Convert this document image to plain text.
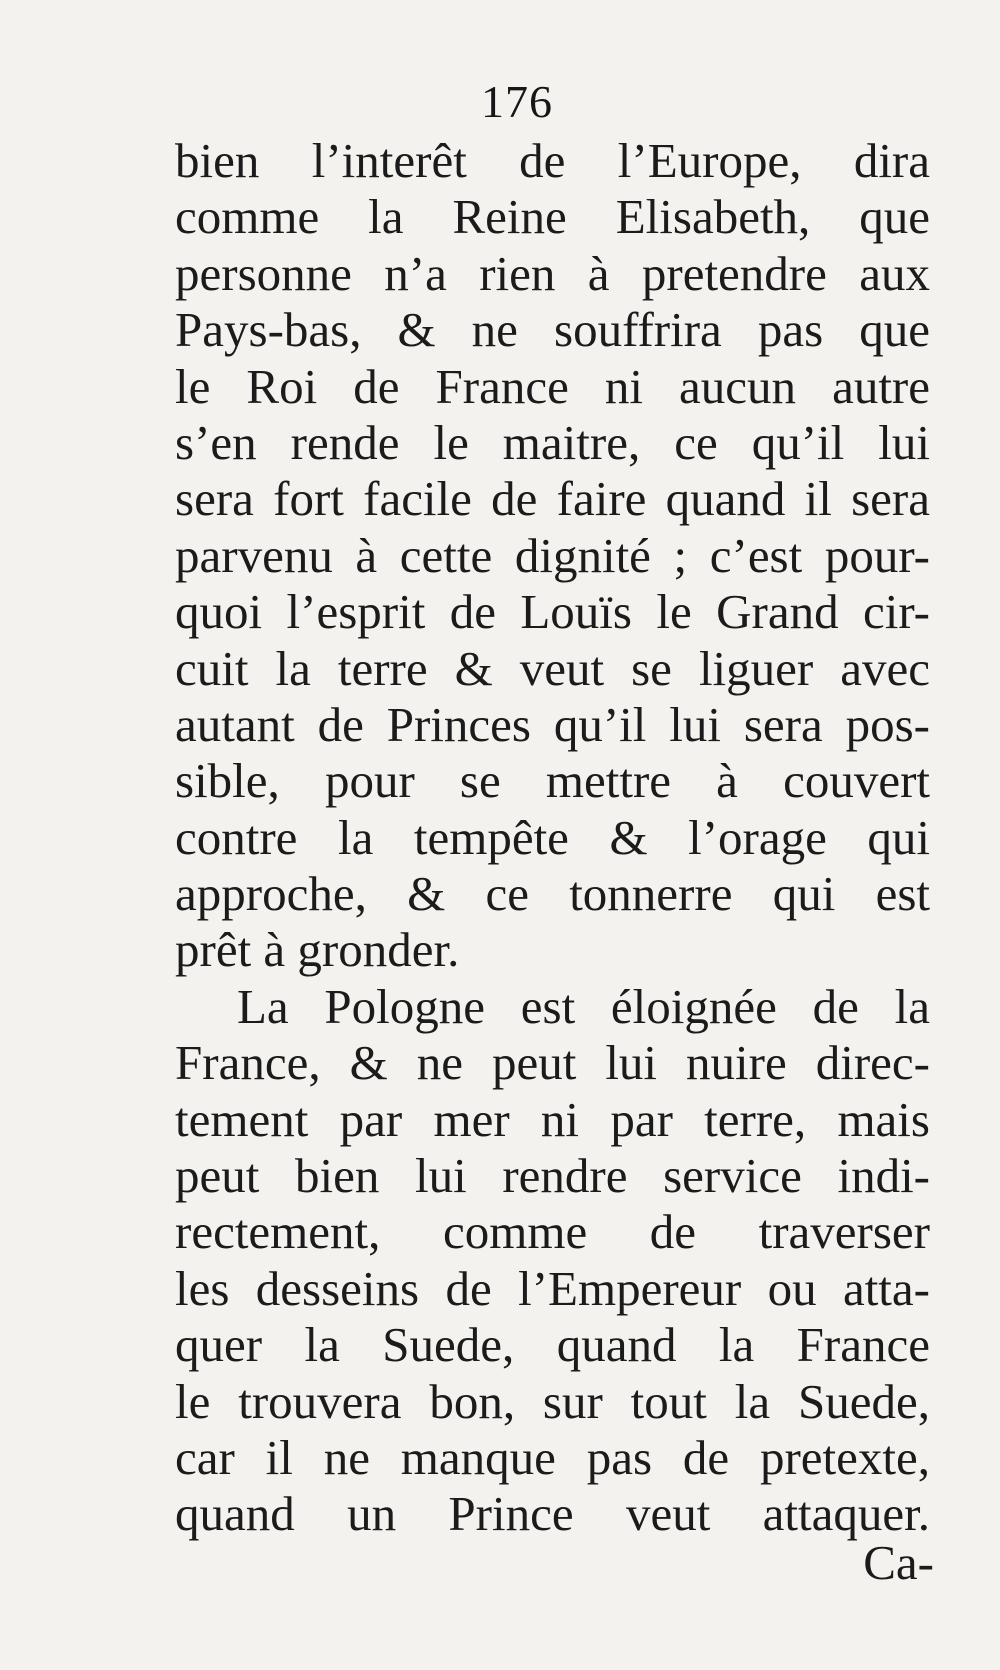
176
bien l’interêt de l’Europe, dira
comme la Reine Elisabeth, que
personne n’a rien à pretendre aux
Pays-bas, & ne souffrira pas que
le Roi de France ni aucun autre
s’en rende le maitre, ce qu’il lui
sera fort facile de faire quand il sera
parvenu à cette dignité ; c’est pour-
quoi l’esprit de Louïs le Grand cir-
cuit la terre & veut se liguer avec
autant de Princes qu’il lui sera pos-
sible, pour se mettre à couvert
contre la tempête & l’orage qui
approche, & ce tonnerre qui est
prêt à gronder.
La Pologne est éloignée de la
France, & ne peut lui nuire direc-
tement par mer ni par terre, mais
peut bien lui rendre service indi-
rectement, comme de traverser
les desseins de l’Empereur ou atta-
quer la Suede, quand la France
le trouvera bon, sur tout la Suede,
car il ne manque pas de pretexte,
quand un Prince veut attaquer.
Ca-
